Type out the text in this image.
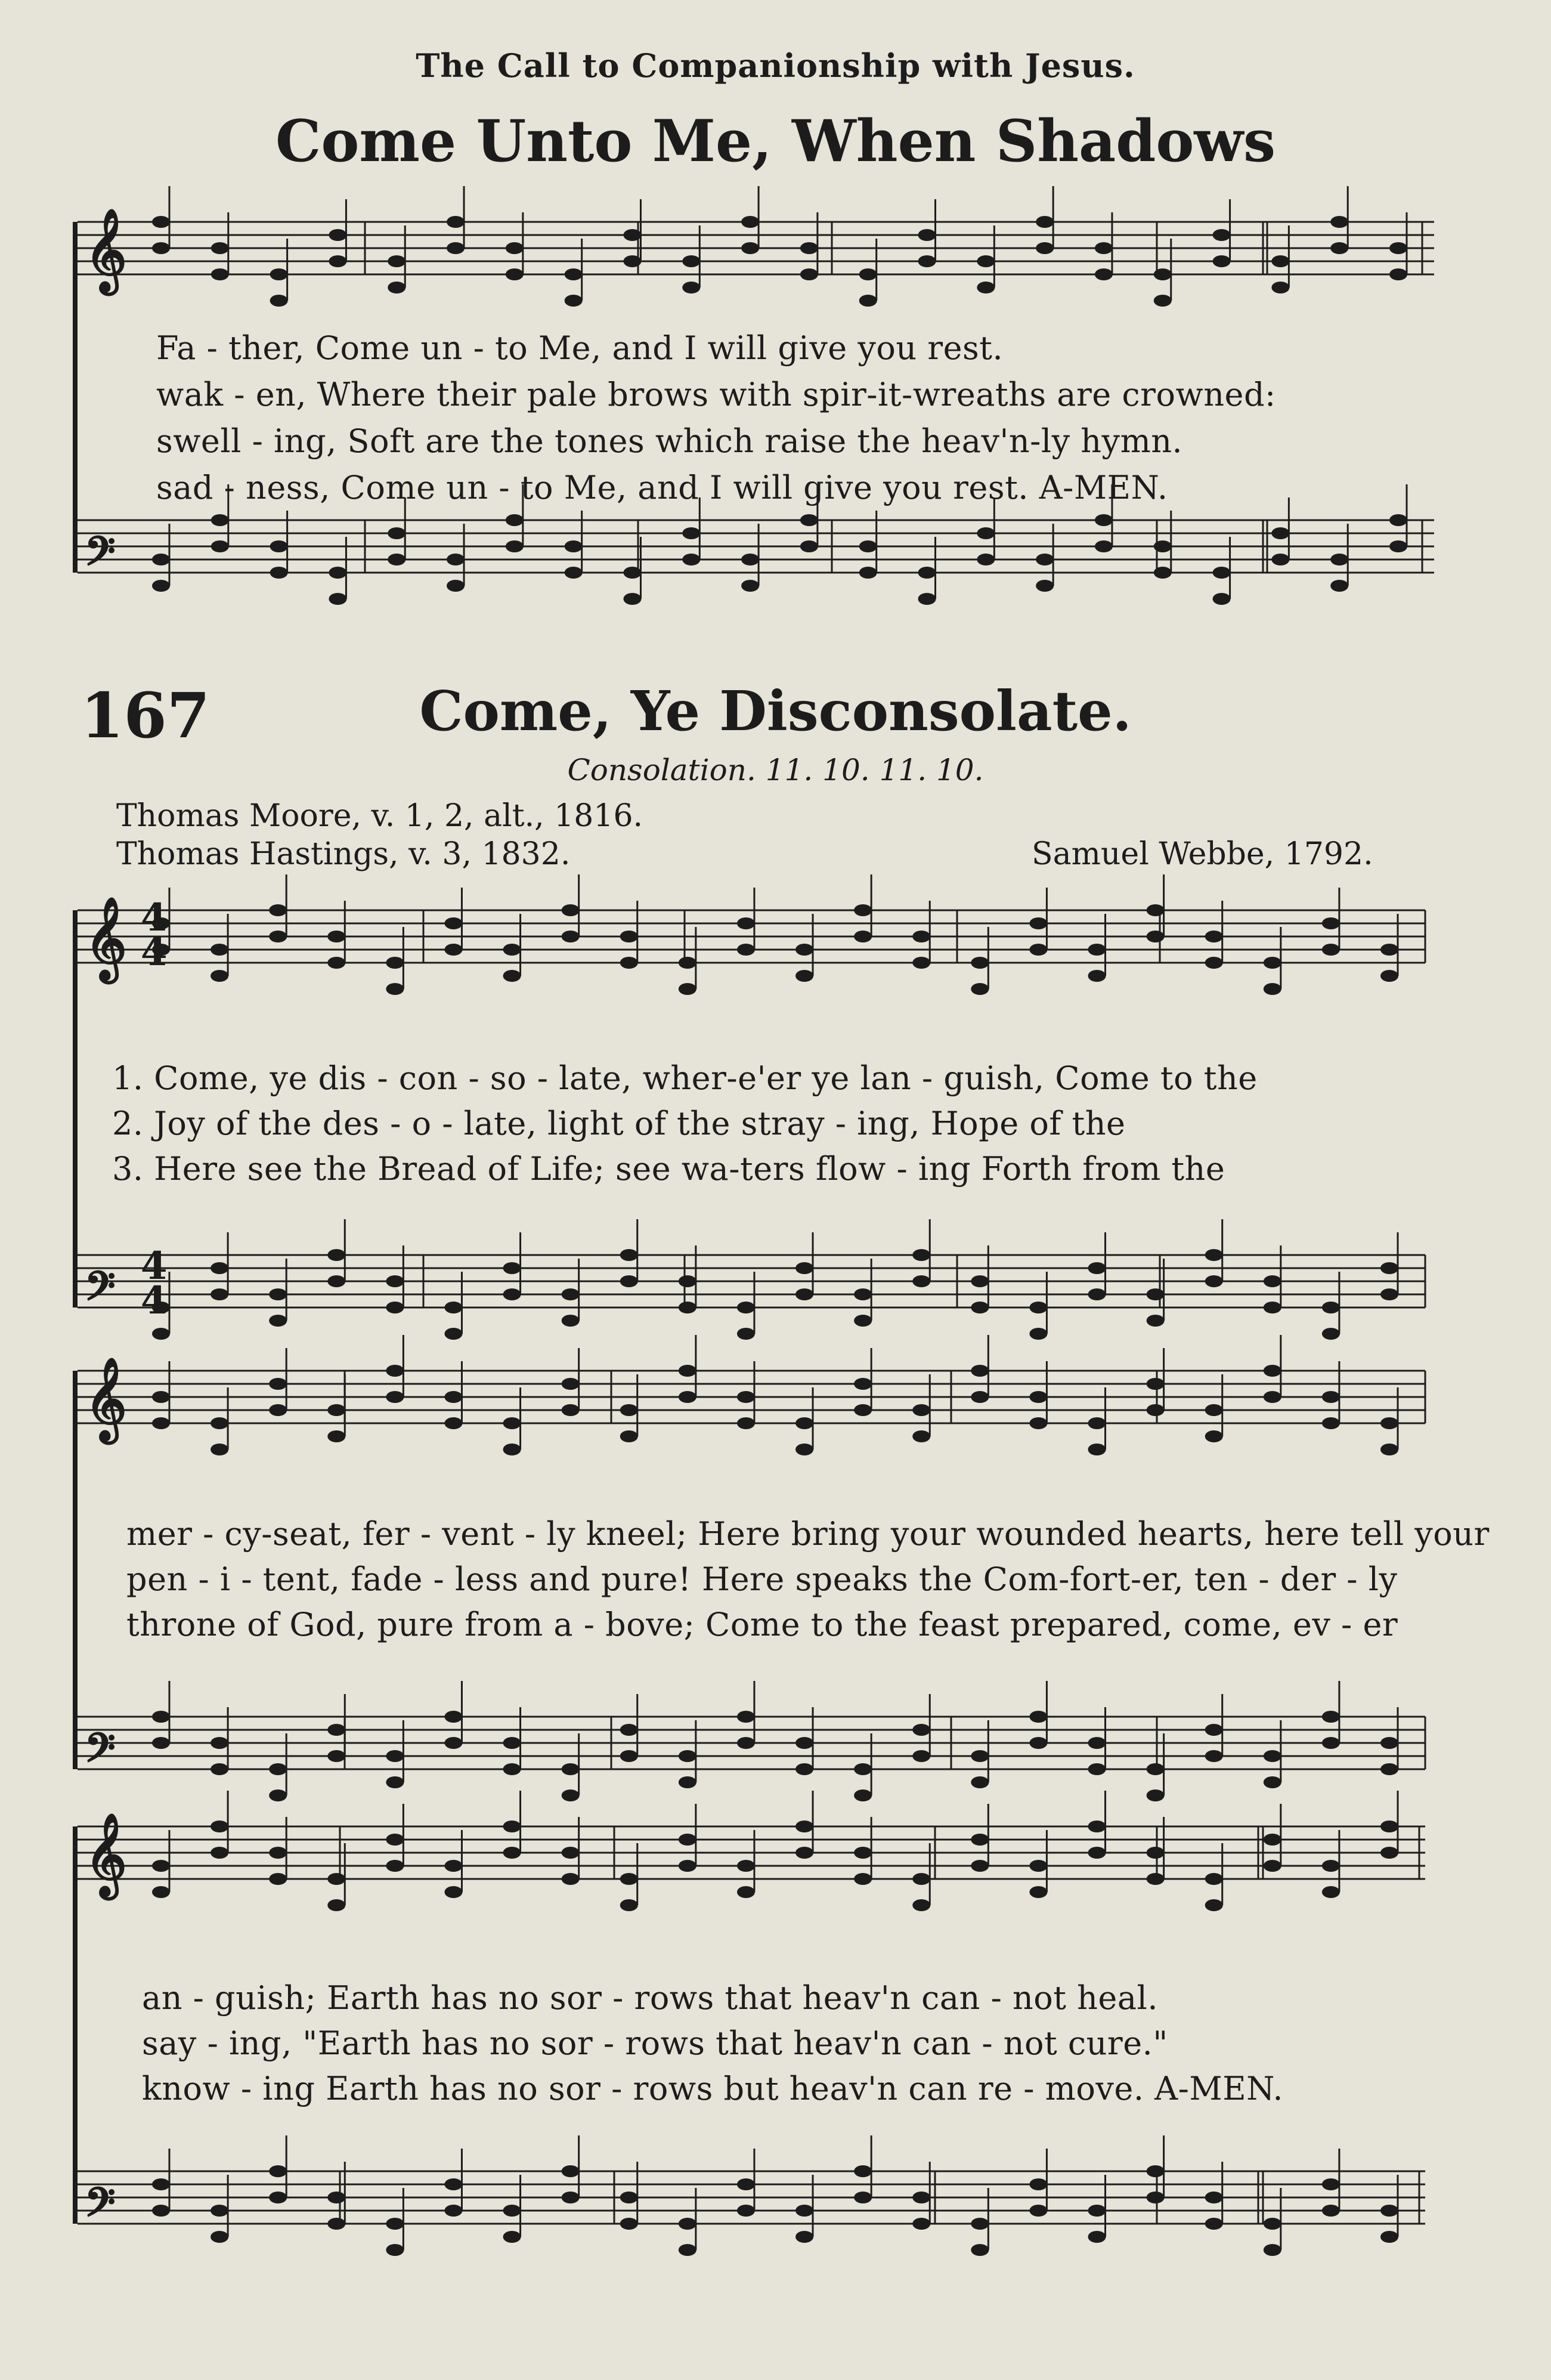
𝄞
𝄢
𝄞
𝄢
𝄞
𝄢
𝄞
𝄢
The Call to Companionship with Jesus.
Come Unto Me, When Shadows
Fa - ther, Come un - to Me, and I will give you rest.
wak - en, Where their pale brows with spir-it-wreaths are crowned:
swell - ing, Soft are the tones which raise the heav'n-ly hymn.
sad - ness, Come un - to Me, and I will give you rest. A-MEN.
167	Come, Ye Disconsolate.
Consolation. 11. 10. 11. 10.
Thomas Moore, v. 1, 2, alt., 1816.
Thomas Hastings, v. 3, 1832.	Samuel Webbe, 1792.
1. Come, ye dis - con - so - late, wher-e'er ye lan - guish, Come to the
2. Joy of the des - o - late, light of the stray - ing, Hope of the
3. Here see the Bread of Life; see wa-ters flow - ing Forth from the
mer - cy-seat, fer - vent - ly kneel; Here bring your wounded hearts, here tell your
pen - i - tent, fade - less and pure! Here speaks the Com-fort-er, ten - der - ly
throne of God, pure from a - bove; Come to the feast prepared, come, ev - er
an - guish; Earth has no sor - rows that heav'n can - not heal.
say - ing, "Earth has no sor - rows that heav'n can - not cure."
know - ing Earth has no sor - rows but heav'n can re - move. A-MEN.
4
4
4
4
